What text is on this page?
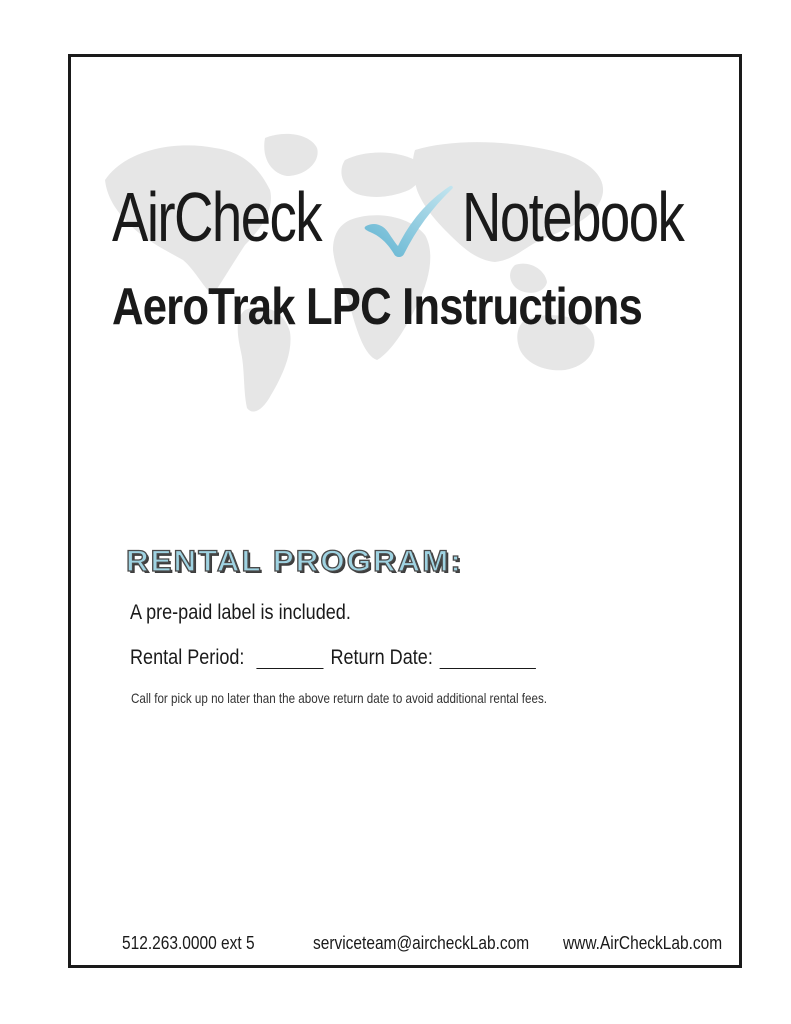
AirCheck Notebook
AeroTrak LPC Instructions
RENTAL PROGRAM:
A pre-paid label is included.
Rental Period:	Return Date:
Call for pick up no later than the above return date to avoid additional rental fees.
512.263.0000 ext 5	serviceteam@aircheckLab.com www.AirCheckLab.com
